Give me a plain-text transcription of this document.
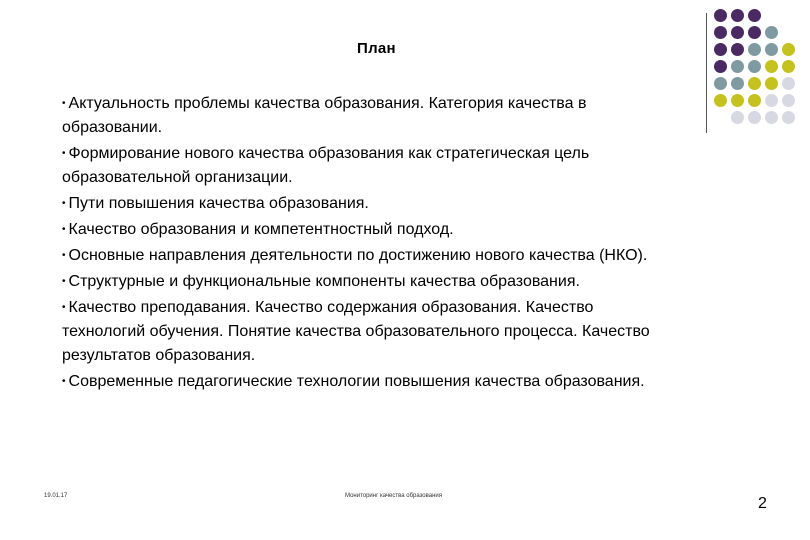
План
• Актуальность проблемы качества образования. Категория качества в образовании.
• Формирование нового качества образования как стратегическая цель образовательной организации.
• Пути повышения качества образования.
• Качество образования и компетентностный подход.
• Основные направления деятельности по достижению нового качества (НКО).
• Структурные и функциональные компоненты качества образования.
• Качество преподавания. Качество содержания образования. Качество технологий обучения. Понятие качества образовательного процесса. Качество результатов образования.
• Современные педагогические технологии повышения качества образования.
19.01.17	Мониторинг качества образования	2
